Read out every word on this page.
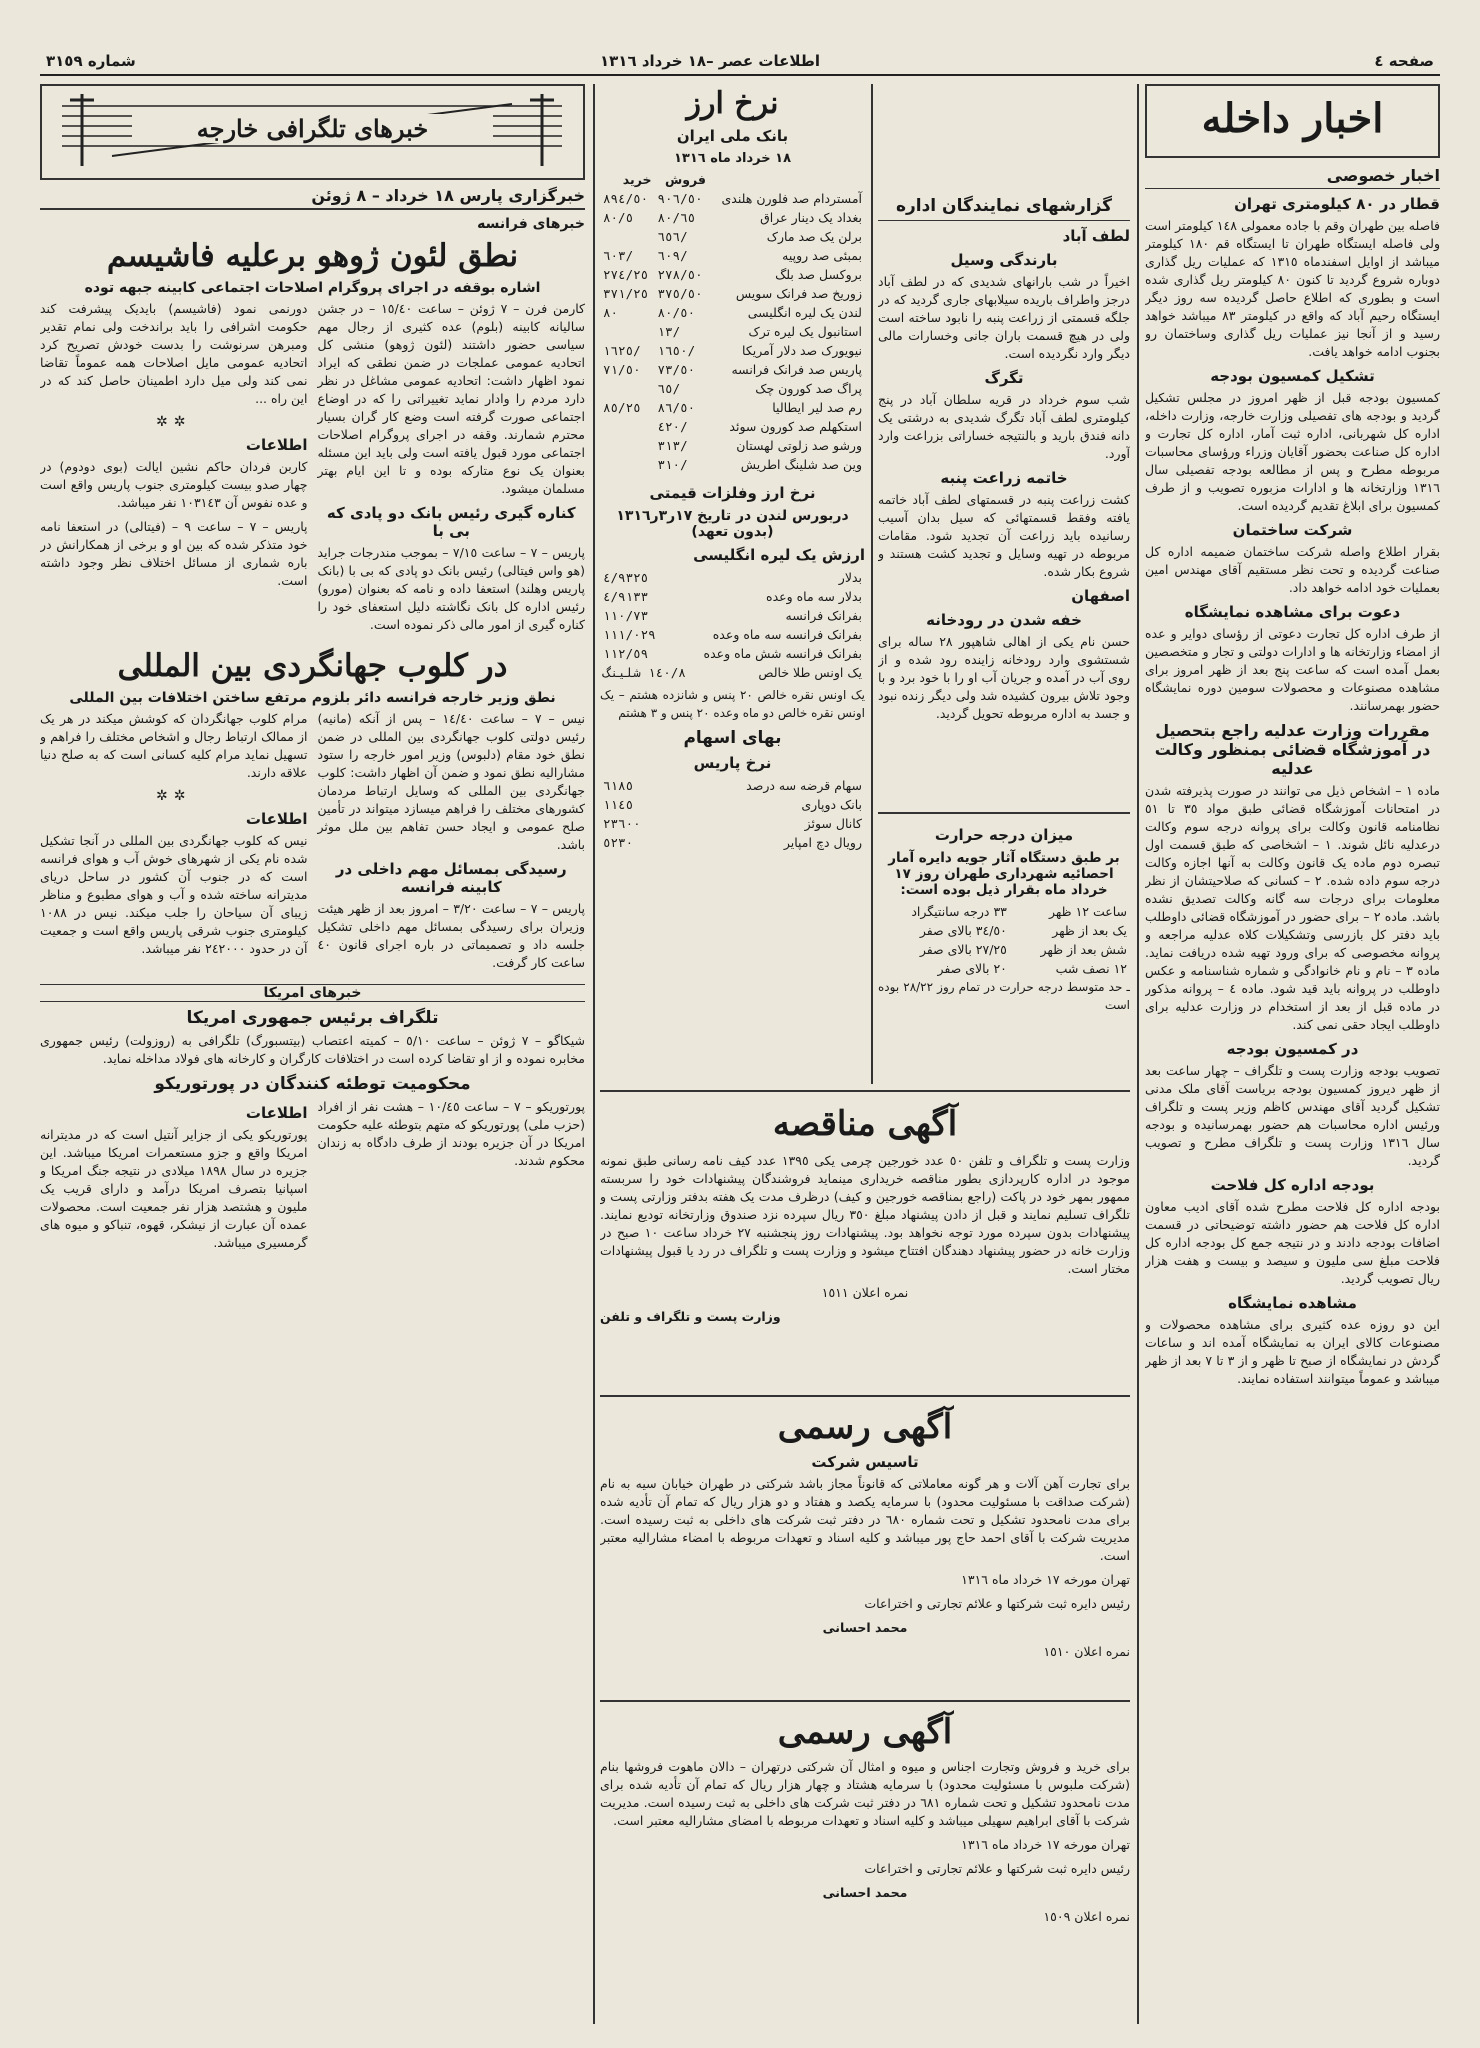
صفحه ٤
اطلاعات عصر –١٨ خرداد ١٣١٦
شماره ٣١٥٩
اخبار داخله
اخبار خصوصی
قطار در ٨٠ کیلومتری تهران

فاصله بین طهران وقم با جاده معمولی ١٤٨ کیلومتر است ولی فاصله ایستگاه طهران تا ایستگاه قم ١٨٠ کیلومتر میباشد از اوایل اسفندماه ١٣١٥ که عملیات ریل گذاری دوباره شروع گردید تا کنون ٨٠ کیلومتر ریل گذاری شده است و بطوری که اطلاع حاصل گردیده سه روز دیگر ایستگاه رحیم آباد که واقع در کیلومتر ٨٣ میباشد خواهد رسید و از آنجا نیز عملیات ریل گذاری وساختمان رو بجنوب ادامه خواهد یافت.

تشکیل کمسیون بودجه

کمسیون بودجه قبل از ظهر امروز در مجلس تشکیل گردید و بودجه های تفصیلی وزارت خارجه، وزارت داخله، اداره کل شهربانی، اداره ثبت آمار، اداره کل تجارت و اداره کل صناعت بحضور آقایان وزراء ورؤسای محاسبات مربوطه مطرح و پس از مطالعه بودجه تفصیلی سال ١٣١٦ وزارتخانه ها و ادارات مزبوره تصویب و از طرف کمسیون برای ابلاغ تقدیم گردیده است.

شرکت ساختمان

بقرار اطلاع واصله شرکت ساختمان ضمیمه اداره کل صناعت گردیده و تحت نظر مستقیم آقای مهندس امین بعملیات خود ادامه خواهد داد.

دعوت برای مشاهده نمایشگاه

از طرف اداره کل تجارت دعوتی از رؤسای دوایر و عده از امضاء وزارتخانه ها و ادارات دولتی و تجار و متخصصین بعمل آمده است که ساعت پنج بعد از ظهر امروز برای مشاهده مصنوعات و محصولات سومین دوره نمایشگاه حضور بهمرسانند.

مقررات وزارت عدلیه راجع بتحصیل در آموزشگاه قضائی بمنظور وکالت عدلیه

ماده ١ – اشخاص ذیل می توانند در صورت پذیرفته شدن در امتحانات آموزشگاه قضائی طبق مواد ٣٥ تا ٥١ نظامنامه قانون وکالت برای پروانه درجه سوم وکالت درعدلیه نائل شوند. ١ – اشخاصی که طبق قسمت اول تبصره دوم ماده یک قانون وکالت به آنها اجازه وکالت درجه سوم داده شده. ٢ – کسانی که صلاحیتشان از نظر معلومات برای درجات سه گانه وکالت تصدیق نشده باشد. ماده ٢ – برای حضور در آموزشگاه قضائی داوطلب باید دفتر کل بازرسی وتشکیلات کلاه عدلیه مراجعه و پروانه مخصوصی که برای ورود تهیه شده دریافت نماید. ماده ٣ – نام و نام خانوادگی و شماره شناسنامه و عکس داوطلب در پروانه باید قید شود. ماده ٤ – پروانه مذکور در ماده قبل از بعد از استخدام در وزارت عدلیه برای داوطلب ایجاد حقی نمی کند.

در کمسیون بودجه

تصویب بودجه وزارت پست و تلگراف – چهار ساعت بعد از ظهر دیروز کمسیون بودجه بریاست آقای ملک مدنی تشکیل گردید آقای مهندس کاظم وزیر پست و تلگراف ورئیس اداره محاسبات هم حضور بهمرسانیده و بودجه سال ١٣١٦ وزارت پست و تلگراف مطرح و تصویب گردید.

بودجه اداره کل فلاحت

بودجه اداره کل فلاحت مطرح شده آقای ادیب معاون اداره کل فلاحت هم حضور داشته توضیحاتی در قسمت اضافات بودجه دادند و در نتیجه جمع کل بودجه اداره کل فلاحت مبلغ سی ملیون و سیصد و بیست و هفت هزار ریال تصویب گردید.

مشاهده نمایشگاه

این دو روزه عده کثیری برای مشاهده محصولات و مصنوعات کالای ایران به نمایشگاه آمده اند و ساعات گردش در نمایشگاه از صبح تا ظهر و از ٣ تا ٧ بعد از ظهر میباشد و عموماً میتوانند استفاده نمایند.

گزارشهای نمایندگان اداره
لطف آباد
بارندگی وسیل

اخیراً در شب بارانهای شدیدی که در لطف آباد درجز واطراف باریده سیلابهای جاری گردید که در جلگه قسمتی از زراعت پنبه را نابود ساخته است ولی در هیچ قسمت باران جانی وخسارات مالی دیگر وارد نگردیده است.

تگرگ

شب سوم خرداد در قریه سلطان آباد در پنج کیلومتری لطف آباد تگرگ شدیدی به درشتی یک دانه فندق بارید و بالنتیجه خساراتی بزراعت وارد آورد.

خاتمه زراعت پنبه

کشت زراعت پنبه در قسمتهای لطف آباد خاتمه یافته وفقط قسمتهائی که سیل بدان آسیب رسانیده باید زراعت آن تجدید شود. مقامات مربوطه در تهیه وسایل و تجدید کشت هستند و شروع بکار شده.

اصفهان
خفه شدن در رودخانه

حسن نام یکی از اهالی شاهپور ٢٨ ساله برای شستشوی وارد رودخانه زاینده رود شده و از روی آب در آمده و جریان آب او را با خود برد و با وجود تلاش بیرون کشیده شد ولی دیگر زنده نبود و جسد به اداره مربوطه تحویل گردید.

میزان درجه حرارت
بر طبق دستگاه آثار جویه دایره آمار احصائیه شهرداری طهران روز ١٧ خرداد ماه بقرار ذیل بوده است:
ساعت ١٢ ظهر	٣٣ درجه سانتیگراد
یک بعد از ظهر	٣٤/٥٠ بالای صفر
شش بعد از ظهر	٢٧/٢٥ بالای صفر
١٢ نصف شب	٢٠ بالای صفر

ـ حد متوسط درجه حرارت در تمام روز ٢٨/٢٢ بوده است

نرخ ارز
بانک ملی ایران
١٨ خرداد ماه ١٣١٦
	فروش	خرید
آمستردام صد فلورن هلندی	٩٠٦/٥٠	٨٩٤/٥٠
بغداد یک دینار عراق	٨٠/٦٥	٨٠/٥
برلن یک صد مارک	٦٥٦/	
بمبئی صد روپیه	٦٠٩/	٦٠٣/
بروکسل صد بلگ	٢٧٨/٥٠	٢٧٤/٢٥
زوریخ صد فرانک سویس	٣٧٥/٥٠	٣٧١/٢٥
لندن یک لیره انگلیسی	٨٠/٥٠	٨٠
استانبول یک لیره ترک	١٣/	
نیویورک صد دلار آمریکا	١٦٥٠/	١٦٢٥/
پاریس صد فرانک فرانسه	٧٣/٥٠	٧١/٥٠
پراگ صد کورون چک	٦٥/	
رم صد لیر ایطالیا	٨٦/٥٠	٨٥/٢٥
استکهلم صد کورون سوئد	٤٢٠/	
ورشو صد زلوتی لهستان	٣١٣/	
وین صد شلینگ اطریش	٣١٠/	
نرخ ارز وفلزات قیمتی
دربورس لندن در تاریخ ١٧ر٣ر١٣١٦ (بدون تعهد)
ارزش یک لیره انگلیسی
بدلار	٤/٩٣٢٥
بدلار سه ماه وعده	٤/٩١٣٣
بفرانک فرانسه	١١٠/٧٣
بفرانک فرانسه سه ماه وعده	١١١/٠٢٩
بفرانک فرانسه شش ماه وعده	١١٢/٥٩
یک اونس طلا خالص	١٤٠/٨ شلینگ

یک اونس نقره خالص ٢٠ پنس و شانزده هشتم – یک اونس نقره خالص دو ماه وعده ٢٠ پنس و ٣ هشتم

بهای اسهام
نرخ پاریس
سهام قرضه سه درصد	٦١٨٥
بانک دوپاری	١١٤٥
کانال سوئز	٢٣٦٠٠
رویال دچ امپایر	٥٢٣٠
آگهی مناقصه

وزارت پست و تلگراف و تلفن ٥٠ عدد خورجین چرمی یکی ١٣٩٥ عدد کیف نامه رسانی طبق نمونه موجود در اداره کارپردازی بطور مناقصه خریداری مینماید فروشندگان پیشنهادات خود را سربسته ممهور بمهر خود در پاکت (راجع بمناقصه خورجین و کیف) درظرف مدت یک هفته بدفتر وزارتی پست و تلگراف تسلیم نمایند و قبل از دادن پیشنهاد مبلغ ٣٥٠ ریال سپرده نزد صندوق وزارتخانه تودیع نمایند. پیشنهادات بدون سپرده مورد توجه نخواهد بود. پیشنهادات روز پنجشنبه ٢٧ خرداد ساعت ١٠ صبح در وزارت خانه در حضور پیشنهاد دهندگان افتتاح میشود و وزارت پست و تلگراف در رد یا قبول پیشنهادات مختار است.

نمره اعلان ١٥١١

وزارت پست و تلگراف و تلفن

آگهی رسمی
تاسیس شرکت

برای تجارت آهن آلات و هر گونه معاملاتی که قانوناً مجاز باشد شرکتی در طهران خیابان سیه به نام (شرکت صداقت با مسئولیت محدود) با سرمایه یکصد و هفتاد و دو هزار ریال که تمام آن تأدیه شده برای مدت نامحدود تشکیل و تحت شماره ٦٨٠ در دفتر ثبت شرکت های داخلی به ثبت رسیده است. مدیریت شرکت با آقای احمد حاج پور میباشد و کلیه اسناد و تعهدات مربوطه با امضاء مشارالیه معتبر است.

تهران مورخه ١٧ خرداد ماه ١٣١٦

رئیس دایره ثبت شرکتها و علائم تجارتی و اختراعات

محمد احسانی

نمره اعلان ١٥١٠

آگهی رسمی

برای خرید و فروش وتجارت اجناس و میوه و امثال آن شرکتی درتهران – دالان ماهوت فروشها بنام (شرکت ملبوس با مسئولیت محدود) با سرمایه هشتاد و چهار هزار ریال که تمام آن تأدیه شده برای مدت نامحدود تشکیل و تحت شماره ٦٨١ در دفتر ثبت شرکت های داخلی به ثبت رسیده است. مدیریت شرکت با آقای ابراهیم سهیلی میباشد و کلیه اسناد و تعهدات مربوطه با امضای مشارالیه معتبر است.

تهران مورخه ١٧ خرداد ماه ١٣١٦

رئیس دایره ثبت شرکتها و علائم تجارتی و اختراعات

محمد احسانی

نمره اعلان ١٥٠٩

خبرهای تلگرافی خارجه
خبرگزاری پارس ١٨ خرداد – ٨ ژوئن
خبرهای فرانسه
نطق لئون ژوهو برعلیه فاشیسم
اشاره بوقفه در اجرای پروگرام اصلاحات اجتماعی کابینه جبهه توده

کارمن فرن – ٧ ژوئن – ساعت ١٥/٤٠ – در جشن سالیانه کابینه (بلوم) عده کثیری از رجال مهم سیاسی حضور داشتند (لئون ژوهو) منشی کل اتحادیه عمومی عملجات در ضمن نطقی که ایراد نمود اظهار داشت: اتحادیه عمومی مشاغل در نظر دارد مردم را وادار نماید تغییراتی را که در اوضاع اجتماعی صورت گرفته است وضع کار گران بسیار محترم شمارند. وقفه در اجرای پروگرام اصلاحات اجتماعی مورد قبول یافته است ولی باید این مسئله بعنوان یک نوع متارکه بوده و تا این ایام بهتر مسلمان میشود.

کناره گیری رئیس بانک دو پادی که بی با

پاریس – ٧ – ساعت ٧/١٥ – بموجب مندرجات جراید (هو واس فیتالی) رئیس بانک دو پادی که بی با (بانک پاریس وهلند) استعفا داده و نامه که بعنوان (مورو) رئیس اداره کل بانک نگاشته دلیل استعفای خود را کناره گیری از امور مالی ذکر نموده است.

دورنمی نمود (فاشیسم) بایدیک پیشرفت کند حکومت اشرافی را باید براندخت ولی نمام تقدیر ومبرهن سرنوشت را بدست خودش تصریح کرد اتحادیه عمومی مایل اصلاحات همه عموماً تقاضا نمی کند ولی میل دارد اطمینان حاصل کند که در این راه ...

✲✲
اطلاعات

کاربن فردان حاکم نشین ایالت (بوی دودوم) در چهار صدو بیست کیلومتری جنوب پاریس واقع است و عده نفوس آن ١٠٣١٤٣ نفر میباشد.

پاریس – ٧ – ساعت ٩ – (فیتالی) در استعفا نامه خود متذکر شده که بین او و برخی از همکارانش در باره شماری از مسائل اختلاف نظر وجود داشته است.

در کلوب جهانگردی بین المللی
نطق وزیر خارجه فرانسه دائر بلزوم مرتفع ساختن اختلافات بین المللی

نیس – ٧ – ساعت ١٤/٤٠ – پس از آنکه (مانیه) رئیس دولتی کلوب جهانگردی بین المللی در ضمن نطق خود مقام (دلبوس) وزیر امور خارجه را ستود مشارالیه نطق نمود و ضمن آن اظهار داشت: کلوب جهانگردی بین المللی که وسایل ارتباط مردمان کشورهای مختلف را فراهم میسازد میتواند در تأمین صلح عمومی و ایجاد حسن تفاهم بین ملل موثر باشد.

رسیدگی بمسائل مهم داخلی در کابینه فرانسه

پاریس – ٧ – ساعت ٣/٢٠ – امروز بعد از ظهر هیئت وزیران برای رسیدگی بمسائل مهم داخلی تشکیل جلسه داد و تصمیماتی در باره اجرای قانون ٤٠ ساعت کار گرفت.

مرام کلوب جهانگردان که کوشش میکند در هر یک از ممالک ارتباط رجال و اشخاص مختلف را فراهم و تسهیل نماید مرام کلیه کسانی است که به صلح دنیا علاقه دارند.

✲✲
اطلاعات

نیس که کلوب جهانگردی بین المللی در آنجا تشکیل شده نام یکی از شهرهای خوش آب و هوای فرانسه است که در جنوب آن کشور در ساحل دریای مدیترانه ساخته شده و آب و هوای مطبوع و مناظر زیبای آن سیاحان را جلب میکند. نیس در ١٠٨٨ کیلومتری جنوب شرقی پاریس واقع است و جمعیت آن در حدود ٢٤٢٠٠٠ نفر میباشد.

خبرهای امریکا
تلگراف برئیس جمهوری امریکا

شیکاگو – ٧ ژوئن – ساعت ٥/١٠ – کمیته اعتصاب (بیتسبورگ) تلگرافی به (روزولت) رئیس جمهوری مخابره نموده و از او تقاضا کرده است در اختلافات کارگران و کارخانه های فولاد مداخله نماید.

محکومیت توطئه کنندگان در پورتوریکو

پورتوریکو – ٧ – ساعت ١٠/٤٥ – هشت نفر از افراد (حزب ملی) پورتوریکو که متهم بتوطئه علیه حکومت امریکا در آن جزیره بودند از طرف دادگاه به زندان محکوم شدند.

اطلاعات

پورتوریکو یکی از جزایر آنتیل است که در مدیترانه امریکا واقع و جزو مستعمرات امریکا میباشد. این جزیره در سال ١٨٩٨ میلادی در نتیجه جنگ امریکا و اسپانیا بتصرف امریکا درآمد و دارای قریب یک ملیون و هشتصد هزار نفر جمعیت است. محصولات عمده آن عبارت از نیشکر، قهوه، تنباکو و میوه های گرمسیری میباشد.
